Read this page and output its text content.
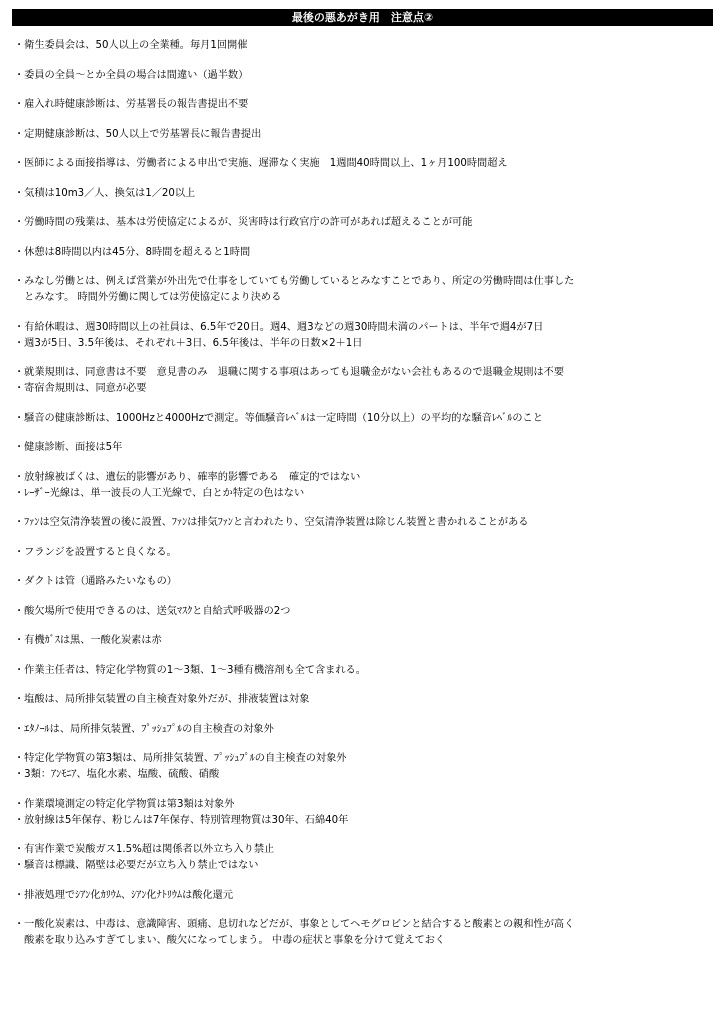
最後の悪あがき用　注意点②
・衛生委員会は、50人以上の全業種。毎月1回開催
・委員の全員～とか全員の場合は間違い（過半数）
・雇入れ時健康診断は、労基署長の報告書提出不要
・定期健康診断は、50人以上で労基署長に報告書提出
・医師による面接指導は、労働者による申出で実施、遅滞なく実施　1週間40時間以上、1ヶ月100時間超え
・気積は10m3／人、換気は1／20以上
・労働時間の残業は、基本は労使協定によるが、災害時は行政官庁の許可があれば超えることが可能
・休憩は8時間以内は45分、8時間を超えると1時間
・みなし労働とは、例えば営業が外出先で仕事をしていても労働しているとみなすことであり、所定の労働時間は仕事した
　とみなす。 時間外労働に関しては労使協定により決める
・有給休暇は、週30時間以上の社員は、6.5年で20日。週4、週3などの週30時間未満のパートは、半年で週4が7日
・週3が5日、3.5年後は、それぞれ＋3日、6.5年後は、半年の日数×2＋1日
・就業規則は、同意書は不要　意見書のみ　退職に関する事項はあっても退職金がない会社もあるので退職金規則は不要
・寄宿舎規則は、同意が必要
・騒音の健康診断は、1000Hzと4000Hzで測定。等価騒音ﾚﾍﾞﾙは一定時間（10分以上）の平均的な騒音ﾚﾍﾞﾙのこと
・健康診断、面接は5年
・放射線被ばくは、遺伝的影響があり、確率的影響である　確定的ではない
・ﾚｰｻﾞｰ光線は、単一波長の人工光線で、白とか特定の色はない
・ﾌｧﾝは空気清浄装置の後に設置、ﾌｧﾝは排気ﾌｧﾝと言われたり、空気清浄装置は除じん装置と書かれることがある
・フランジを設置すると良くなる。
・ダクトは管（通路みたいなもの）
・酸欠場所で使用できるのは、送気ﾏｽｸと自給式呼吸器の2つ
・有機ｶﾞｽは黒、一酸化炭素は赤
・作業主任者は、特定化学物質の1～3類、1～3種有機溶剤も全て含まれる。
・塩酸は、局所排気装置の自主検査対象外だが、排液装置は対象
・ｴﾀﾉｰﾙは、局所排気装置、ﾌﾟｯｼｭﾌﾟﾙの自主検査の対象外
・特定化学物質の第3類は、局所排気装置、ﾌﾟｯｼｭﾌﾟﾙの自主検査の対象外
・3類：ｱﾝﾓﾆｱ、塩化水素、塩酸、硫酸、硝酸
・作業環境測定の特定化学物質は第3類は対象外
・放射線は5年保存、粉じんは7年保存、特別管理物質は30年、石綿40年
・有害作業で炭酸ガス1.5%超は関係者以外立ち入り禁止
・騒音は標識、隔壁は必要だが立ち入り禁止ではない
・排液処理でｼｱﾝ化ｶﾘｳﾑ、ｼｱﾝ化ﾅﾄﾘｳﾑは酸化還元
・一酸化炭素は、中毒は、意識障害、頭痛、息切れなどだが、事象としてヘモグロビンと結合すると酸素との親和性が高く
　酸素を取り込みすぎてしまい、酸欠になってしまう。 中毒の症状と事象を分けて覚えておく
